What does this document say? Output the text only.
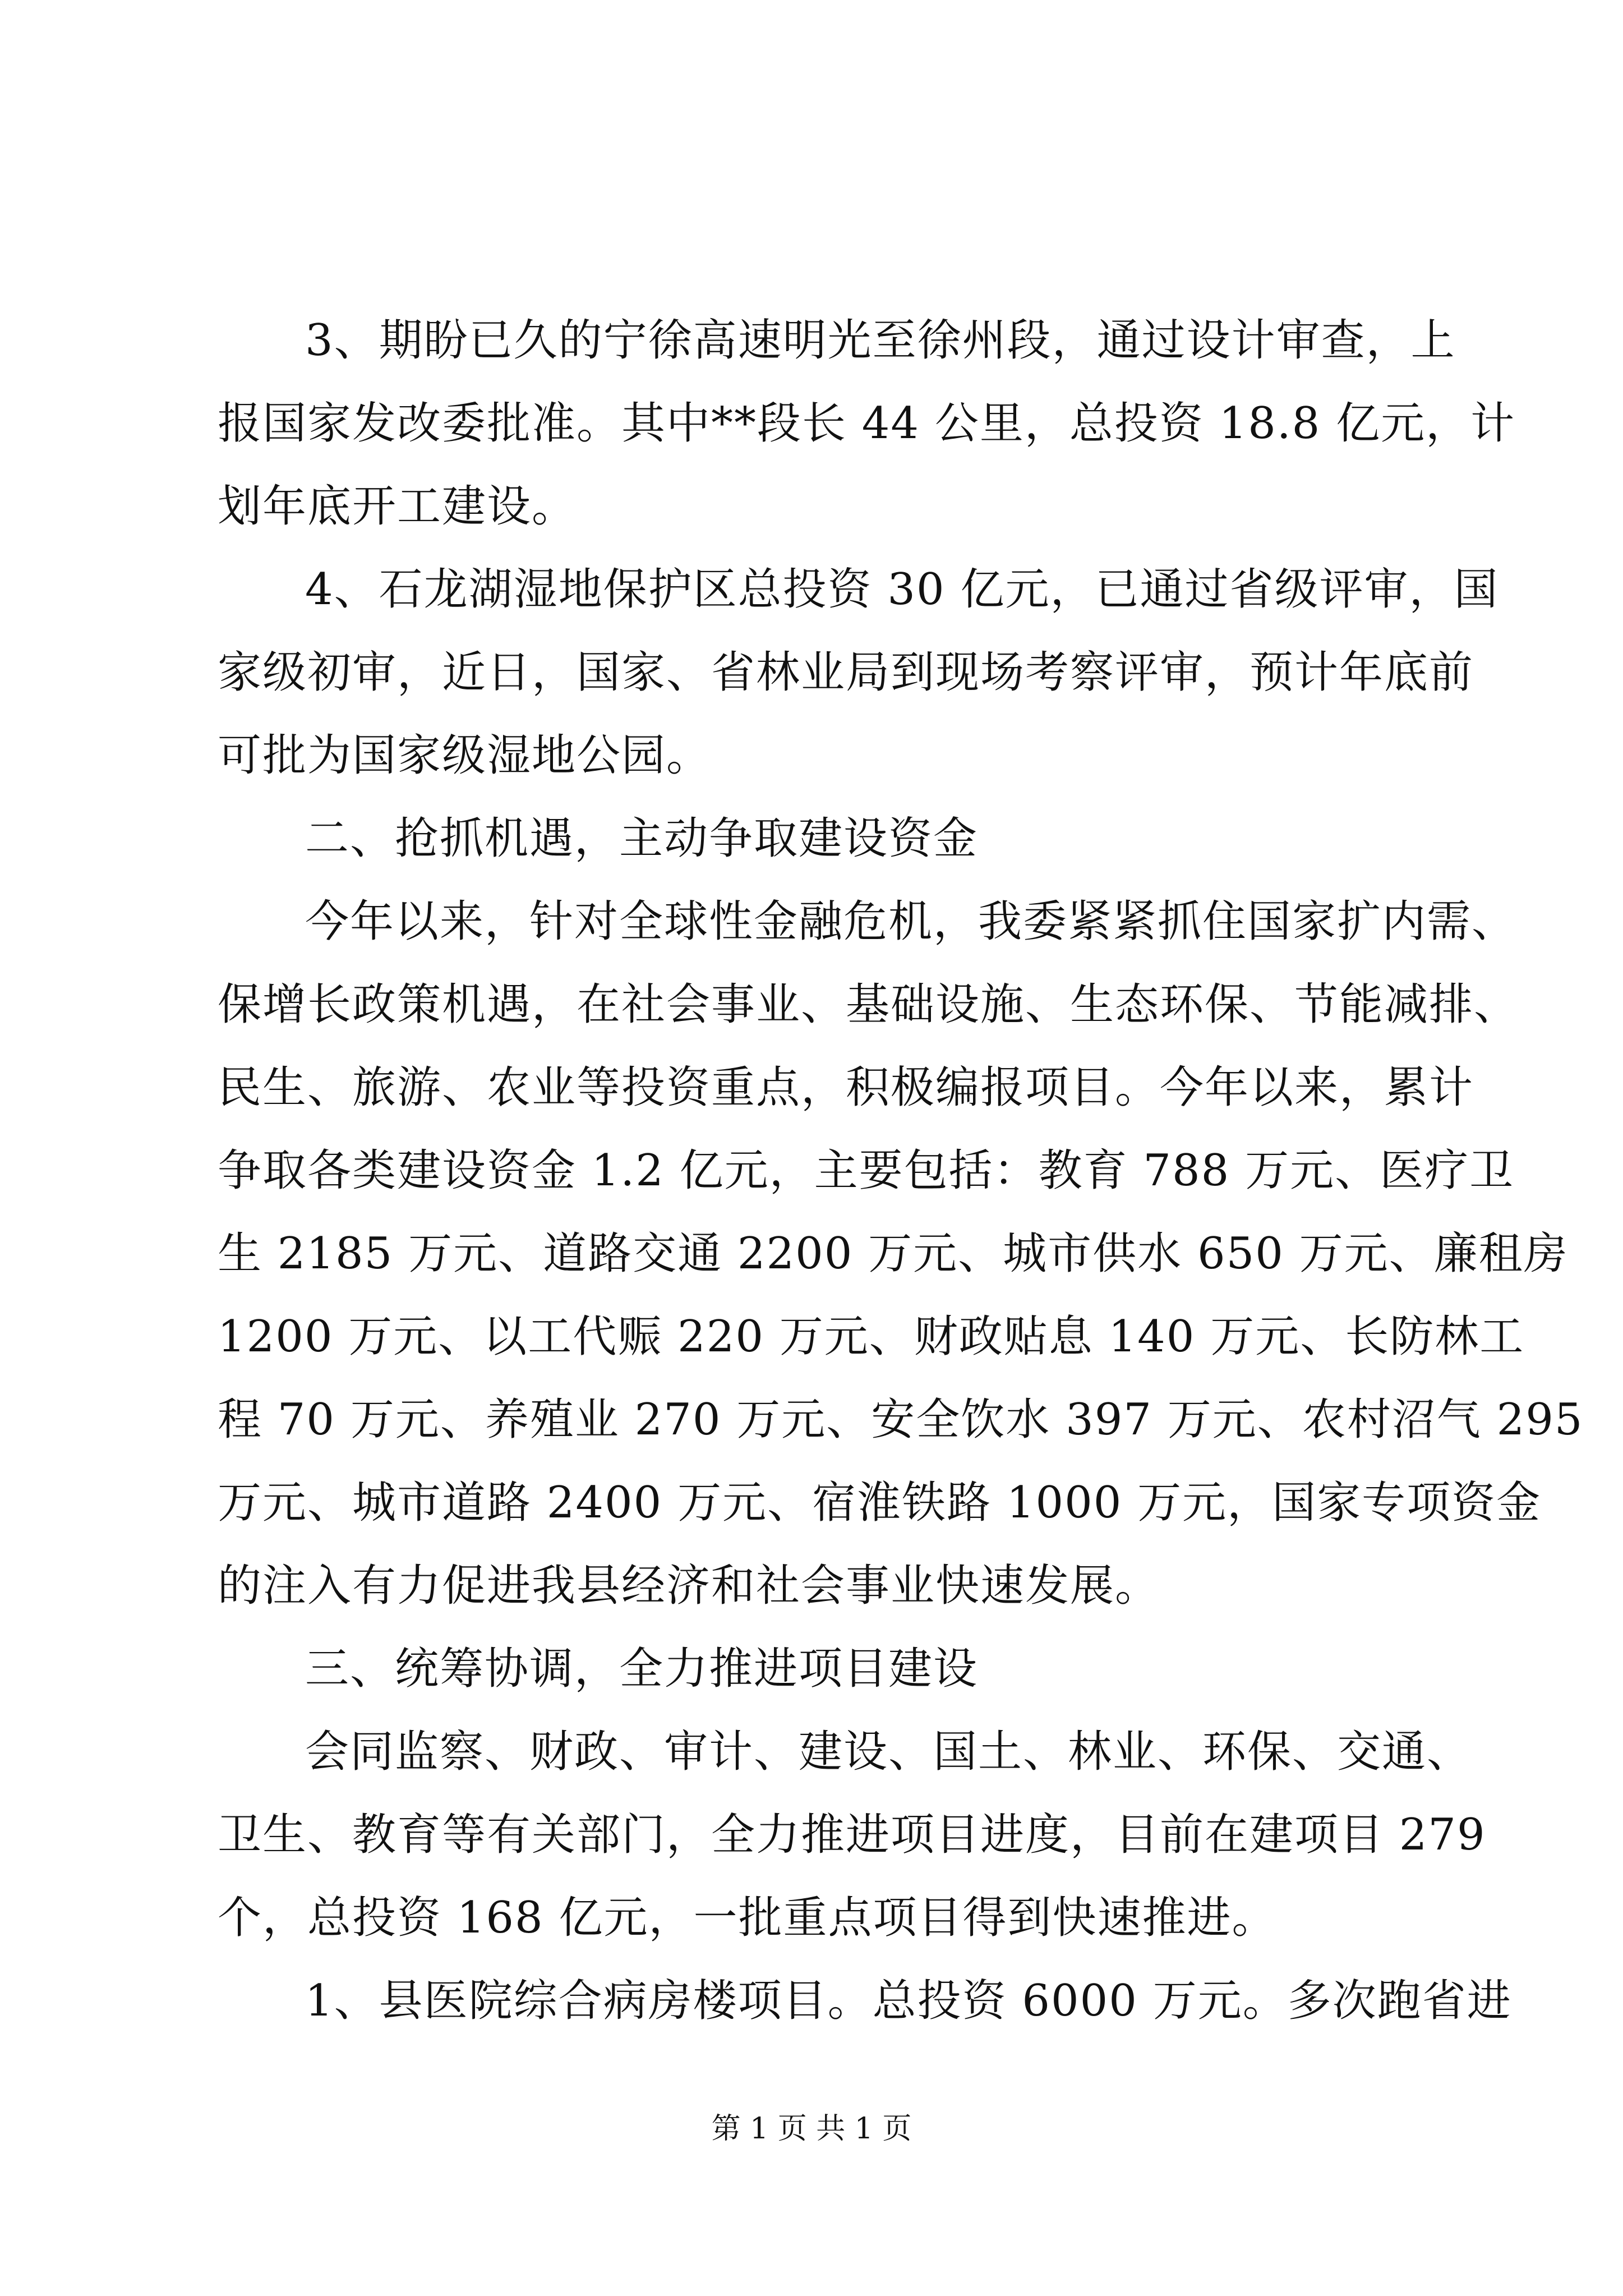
3、期盼已久的宁徐高速明光至徐州段，通过设计审查，上
报国家发改委批准。其中**段长 44 公里，总投资 18.8 亿元，计
划年底开工建设。
4、石龙湖湿地保护区总投资 30 亿元，已通过省级评审，国
家级初审，近日，国家、省林业局到现场考察评审，预计年底前
可批为国家级湿地公园。
二、抢抓机遇，主动争取建设资金
今年以来，针对全球性金融危机，我委紧紧抓住国家扩内需、
保增长政策机遇，在社会事业、基础设施、生态环保、节能减排、
民生、旅游、农业等投资重点，积极编报项目。今年以来，累计
争取各类建设资金 1.2 亿元，主要包括：教育 788 万元、医疗卫
生 2185 万元、道路交通 2200 万元、城市供水 650 万元、廉租房
1200 万元、以工代赈 220 万元、财政贴息 140 万元、长防林工
程 70 万元、养殖业 270 万元、安全饮水 397 万元、农村沼气 295
万元、城市道路 2400 万元、宿淮铁路 1000 万元，国家专项资金
的注入有力促进我县经济和社会事业快速发展。
三、统筹协调，全力推进项目建设
会同监察、财政、审计、建设、国土、林业、环保、交通、
卫生、教育等有关部门，全力推进项目进度，目前在建项目 279
个，总投资 168 亿元，一批重点项目得到快速推进。
1、县医院综合病房楼项目。总投资 6000 万元。多次跑省进
第 1 页 共 1 页
